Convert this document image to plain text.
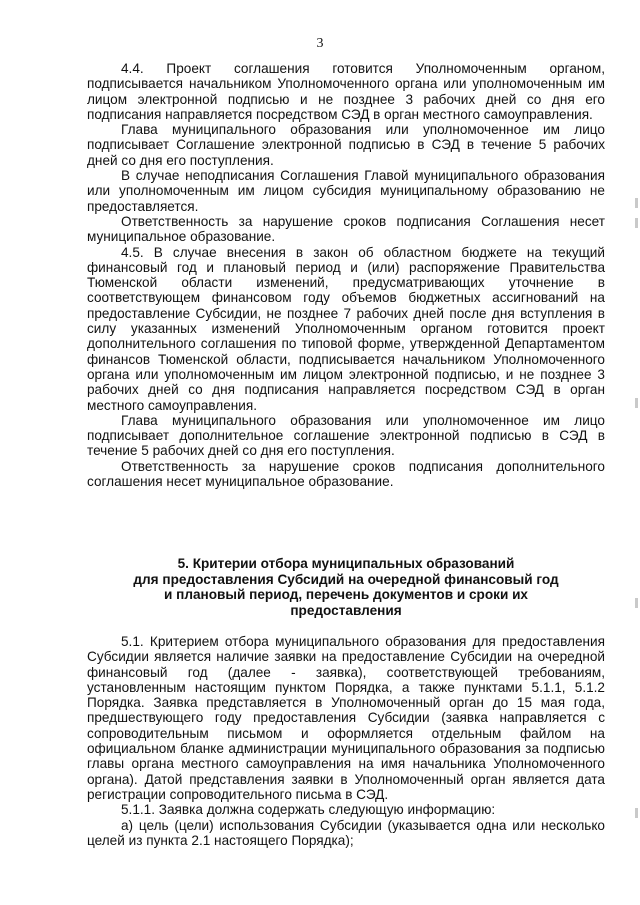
3

4.4. Проект соглашения готовится Уполномоченным органом, подписывается начальником Уполномоченного органа или уполномоченным им лицом электронной подписью и не позднее 3 рабочих дней со дня его подписания направляется посредством СЭД в орган местного самоуправления.

Глава муниципального образования или уполномоченное им лицо подписывает Соглашение электронной подписью в СЭД в течение 5 рабочих дней со дня его поступления.

В случае неподписания Соглашения Главой муниципального образования или уполномоченным им лицом субсидия муниципальному образованию не предоставляется.

Ответственность за нарушение сроков подписания Соглашения несет муниципальное образование.

4.5. В случае внесения в закон об областном бюджете на текущий финансовый год и плановый период и (или) распоряжение Правительства Тюменской области изменений, предусматривающих уточнение в соответствующем финансовом году объемов бюджетных ассигнований на предоставление Субсидии, не позднее 7 рабочих дней после дня вступления в силу указанных изменений Уполномоченным органом готовится проект дополнительного соглашения по типовой форме, утвержденной Департаментом финансов Тюменской области, подписывается начальником Уполномоченного органа или уполномоченным им лицом электронной подписью, и не позднее 3 рабочих дней со дня подписания направляется посредством СЭД в орган местного самоуправления.

Глава муниципального образования или уполномоченное им лицо подписывает дополнительное соглашение электронной подписью в СЭД в течение 5 рабочих дней со дня его поступления.

Ответственность за нарушение сроков подписания дополнительного соглашения несет муниципальное образование.

5. Критерии отбора муниципальных образований
для предоставления Субсидий на очередной финансовый год
и плановый период, перечень документов и сроки их
предоставления

5.1. Критерием отбора муниципального образования для предоставления Субсидии является наличие заявки на предоставление Субсидии на очередной финансовый год (далее - заявка), соответствующей требованиям, установленным настоящим пунктом Порядка, а также пунктами 5.1.1, 5.1.2 Порядка. Заявка представляется в Уполномоченный орган до 15 мая года, предшествующего году предоставления Субсидии (заявка направляется с сопроводительным письмом и оформляется отдельным файлом на официальном бланке администрации муниципального образования за подписью главы органа местного самоуправления на имя начальника Уполномоченного органа). Датой представления заявки в Уполномоченный орган является дата регистрации сопроводительного письма в СЭД.

5.1.1. Заявка должна содержать следующую информацию:

а) цель (цели) использования Субсидии (указывается одна или несколько целей из пункта 2.1 настоящего Порядка);
